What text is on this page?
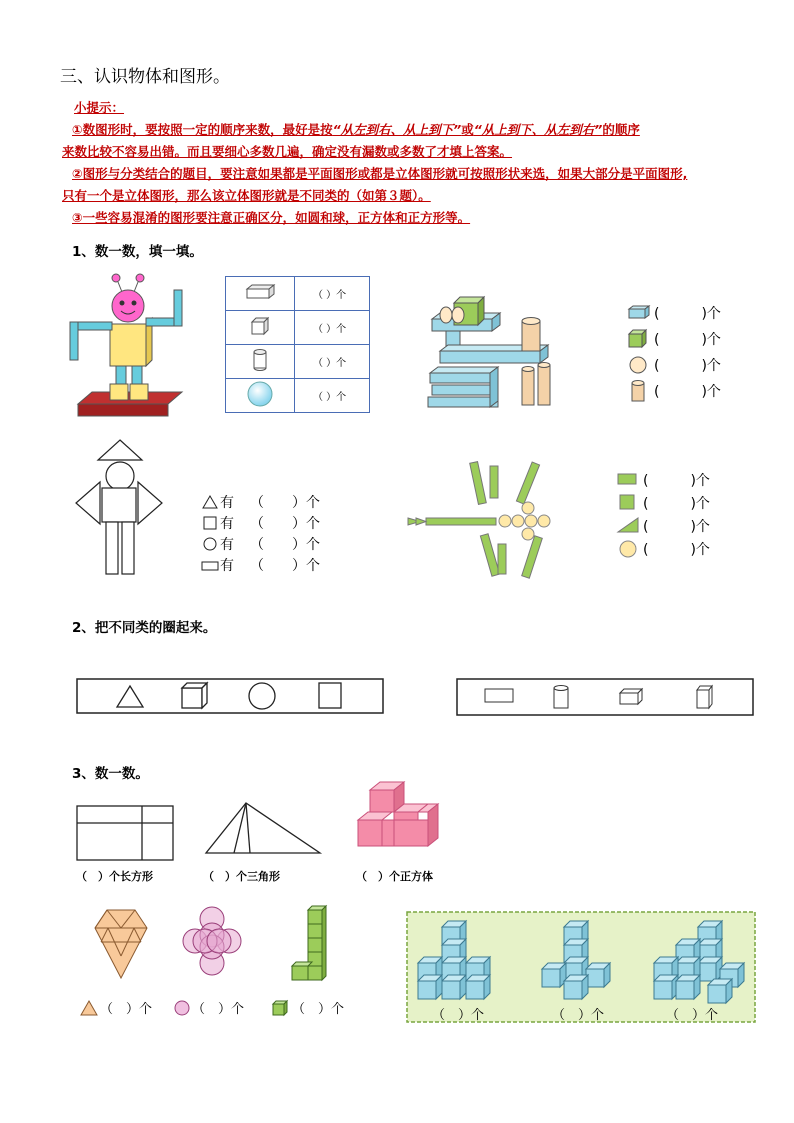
三、认识物体和图形。
小提示：
①数图形时，要按照一定的顺序来数，最好是按“从左到右、从上到下”或“从上到下、从左到右”的顺序
来数比较不容易出错。而且要细心多数几遍，确定没有漏数或多数了才填上答案。
②图形与分类结合的题目，要注意如果都是平面图形或都是立体图形就可按照形状来选，如果大部分是平面图形,
只有一个是立体图形，那么该立体图形就是不同类的（如第３题）。
③一些容易混淆的图形要注意正确区分，如圆和球，正方体和正方形等。
1、数一数，填一填。
	（ ）个
	（ ）个
	（ ）个
	（ ）个
(　　　)个
(　　　)个
(　　　)个
(　　　)个
有 （　　）个
有 （　　）个
有 （　　）个
有 （　　）个
(　　　)个
(　　　)个
(　　　)个
(　　　)个
2、把不同类的圈起来。
3、数一数。
（　）个长方形	（　）个三角形	（　）个正方体
（　）个	（　）个	（　）个	（　）个	（　）个	（　）个
